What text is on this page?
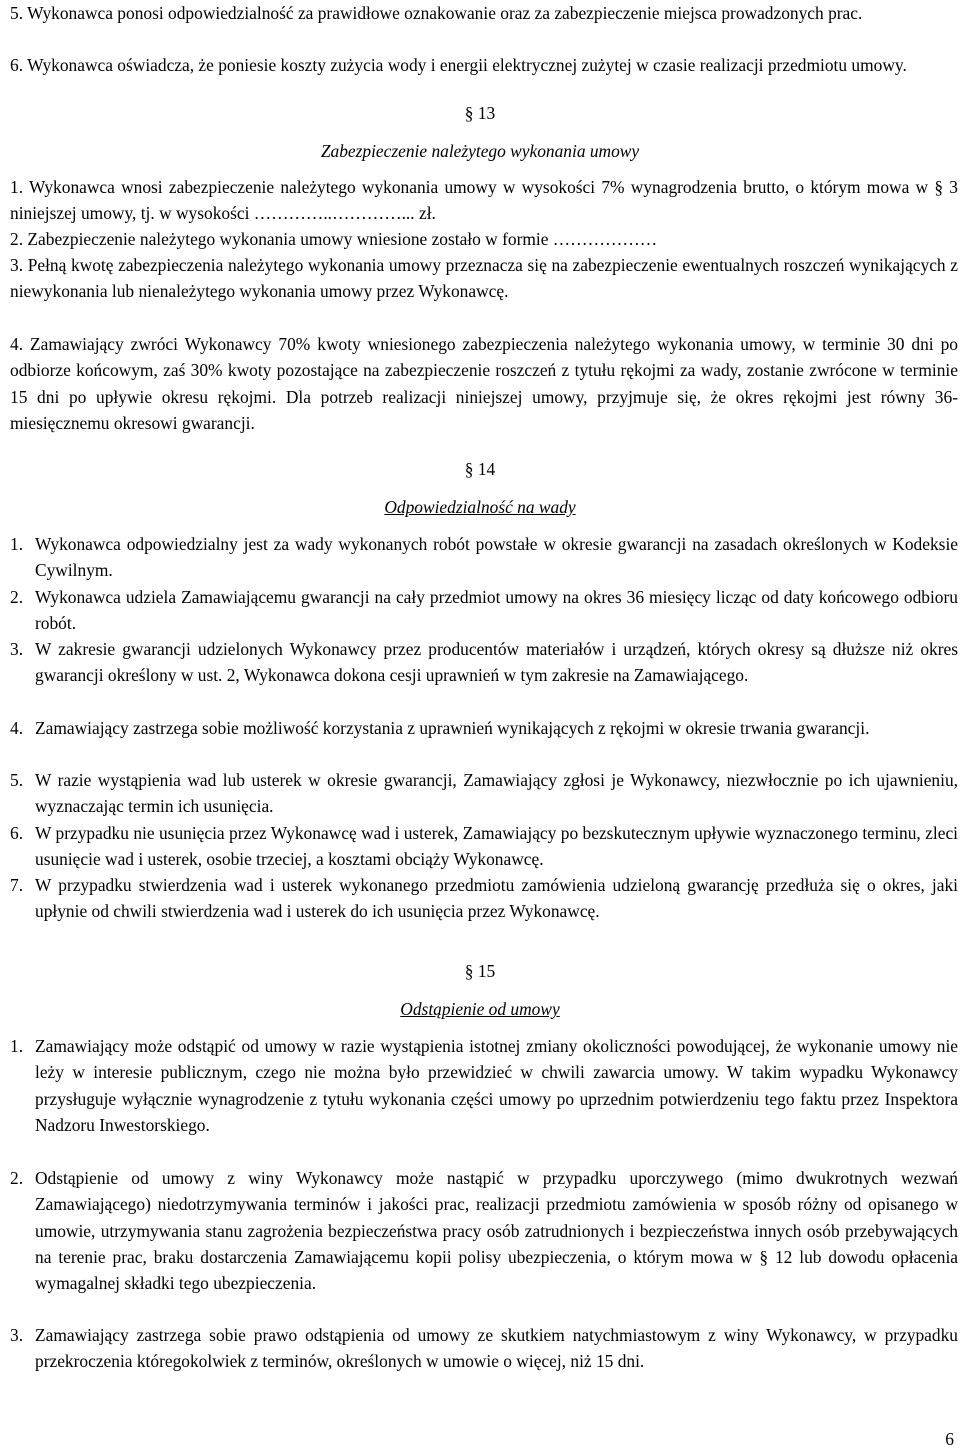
5. Wykonawca ponosi odpowiedzialność za prawidłowe oznakowanie oraz za zabezpieczenie miejsca prowadzonych prac.
6. Wykonawca oświadcza, że poniesie koszty zużycia wody i energii elektrycznej zużytej w czasie realizacji przedmiotu umowy.
§ 13
Zabezpieczenie należytego wykonania umowy
1. Wykonawca wnosi zabezpieczenie należytego wykonania umowy w wysokości 7% wynagrodzenia brutto, o którym mowa w § 3 niniejszej umowy, tj. w wysokości …………..…………... zł.
2. Zabezpieczenie należytego wykonania umowy wniesione zostało w formie ………………
3. Pełną kwotę zabezpieczenia należytego wykonania umowy przeznacza się na zabezpieczenie ewentualnych roszczeń wynikających z niewykonania lub nienależytego wykonania umowy przez Wykonawcę.
4. Zamawiający zwróci Wykonawcy 70% kwoty wniesionego zabezpieczenia należytego wykonania umowy, w terminie 30 dni po odbiorze końcowym, zaś 30% kwoty pozostające na zabezpieczenie roszczeń z tytułu rękojmi za wady, zostanie zwrócone w terminie 15 dni po upływie okresu rękojmi. Dla potrzeb realizacji niniejszej umowy, przyjmuje się, że okres rękojmi jest równy 36-miesięcznemu okresowi gwarancji.
§ 14
Odpowiedzialność na wady
1. Wykonawca odpowiedzialny jest za wady wykonanych robót powstałe w okresie gwarancji na zasadach określonych w Kodeksie Cywilnym.
2. Wykonawca udziela Zamawiającemu gwarancji na cały przedmiot umowy na okres 36 miesięcy licząc od daty końcowego odbioru robót.
3. W zakresie gwarancji udzielonych Wykonawcy przez producentów materiałów i urządzeń, których okresy są dłuższe niż okres gwarancji określony w ust. 2, Wykonawca dokona cesji uprawnień w tym zakresie na Zamawiającego.
4. Zamawiający zastrzega sobie możliwość korzystania z uprawnień wynikających z rękojmi w okresie trwania gwarancji.
5. W razie wystąpienia wad lub usterek w okresie gwarancji, Zamawiający zgłosi je Wykonawcy, niezwłocznie po ich ujawnieniu, wyznaczając termin ich usunięcia.
6. W przypadku nie usunięcia przez Wykonawcę wad i usterek, Zamawiający po bezskutecznym upływie wyznaczonego terminu, zleci usunięcie wad i usterek, osobie trzeciej, a kosztami obciąży Wykonawcę.
7. W przypadku stwierdzenia wad i usterek wykonanego przedmiotu zamówienia udzieloną gwarancję przedłuża się o okres, jaki upłynie od chwili stwierdzenia wad i usterek do ich usunięcia przez Wykonawcę.
§ 15
Odstąpienie od umowy
1. Zamawiający może odstąpić od umowy w razie wystąpienia istotnej zmiany okoliczności powodującej, że wykonanie umowy nie leży w interesie publicznym, czego nie można było przewidzieć w chwili zawarcia umowy. W takim wypadku Wykonawcy przysługuje wyłącznie wynagrodzenie z tytułu wykonania części umowy po uprzednim potwierdzeniu tego faktu przez Inspektora Nadzoru Inwestorskiego.
2. Odstąpienie od umowy z winy Wykonawcy może nastąpić w przypadku uporczywego (mimo dwukrotnych wezwań Zamawiającego) niedotrzymywania terminów i jakości prac, realizacji przedmiotu zamówienia w sposób różny od opisanego w umowie, utrzymywania stanu zagrożenia bezpieczeństwa pracy osób zatrudnionych i bezpieczeństwa innych osób przebywających na terenie prac, braku dostarczenia Zamawiającemu kopii polisy ubezpieczenia, o którym mowa w § 12 lub dowodu opłacenia wymagalnej składki tego ubezpieczenia.
3. Zamawiający zastrzega sobie prawo odstąpienia od umowy ze skutkiem natychmiastowym z winy Wykonawcy, w przypadku przekroczenia któregokolwiek z terminów, określonych w umowie o więcej, niż 15 dni.
6
